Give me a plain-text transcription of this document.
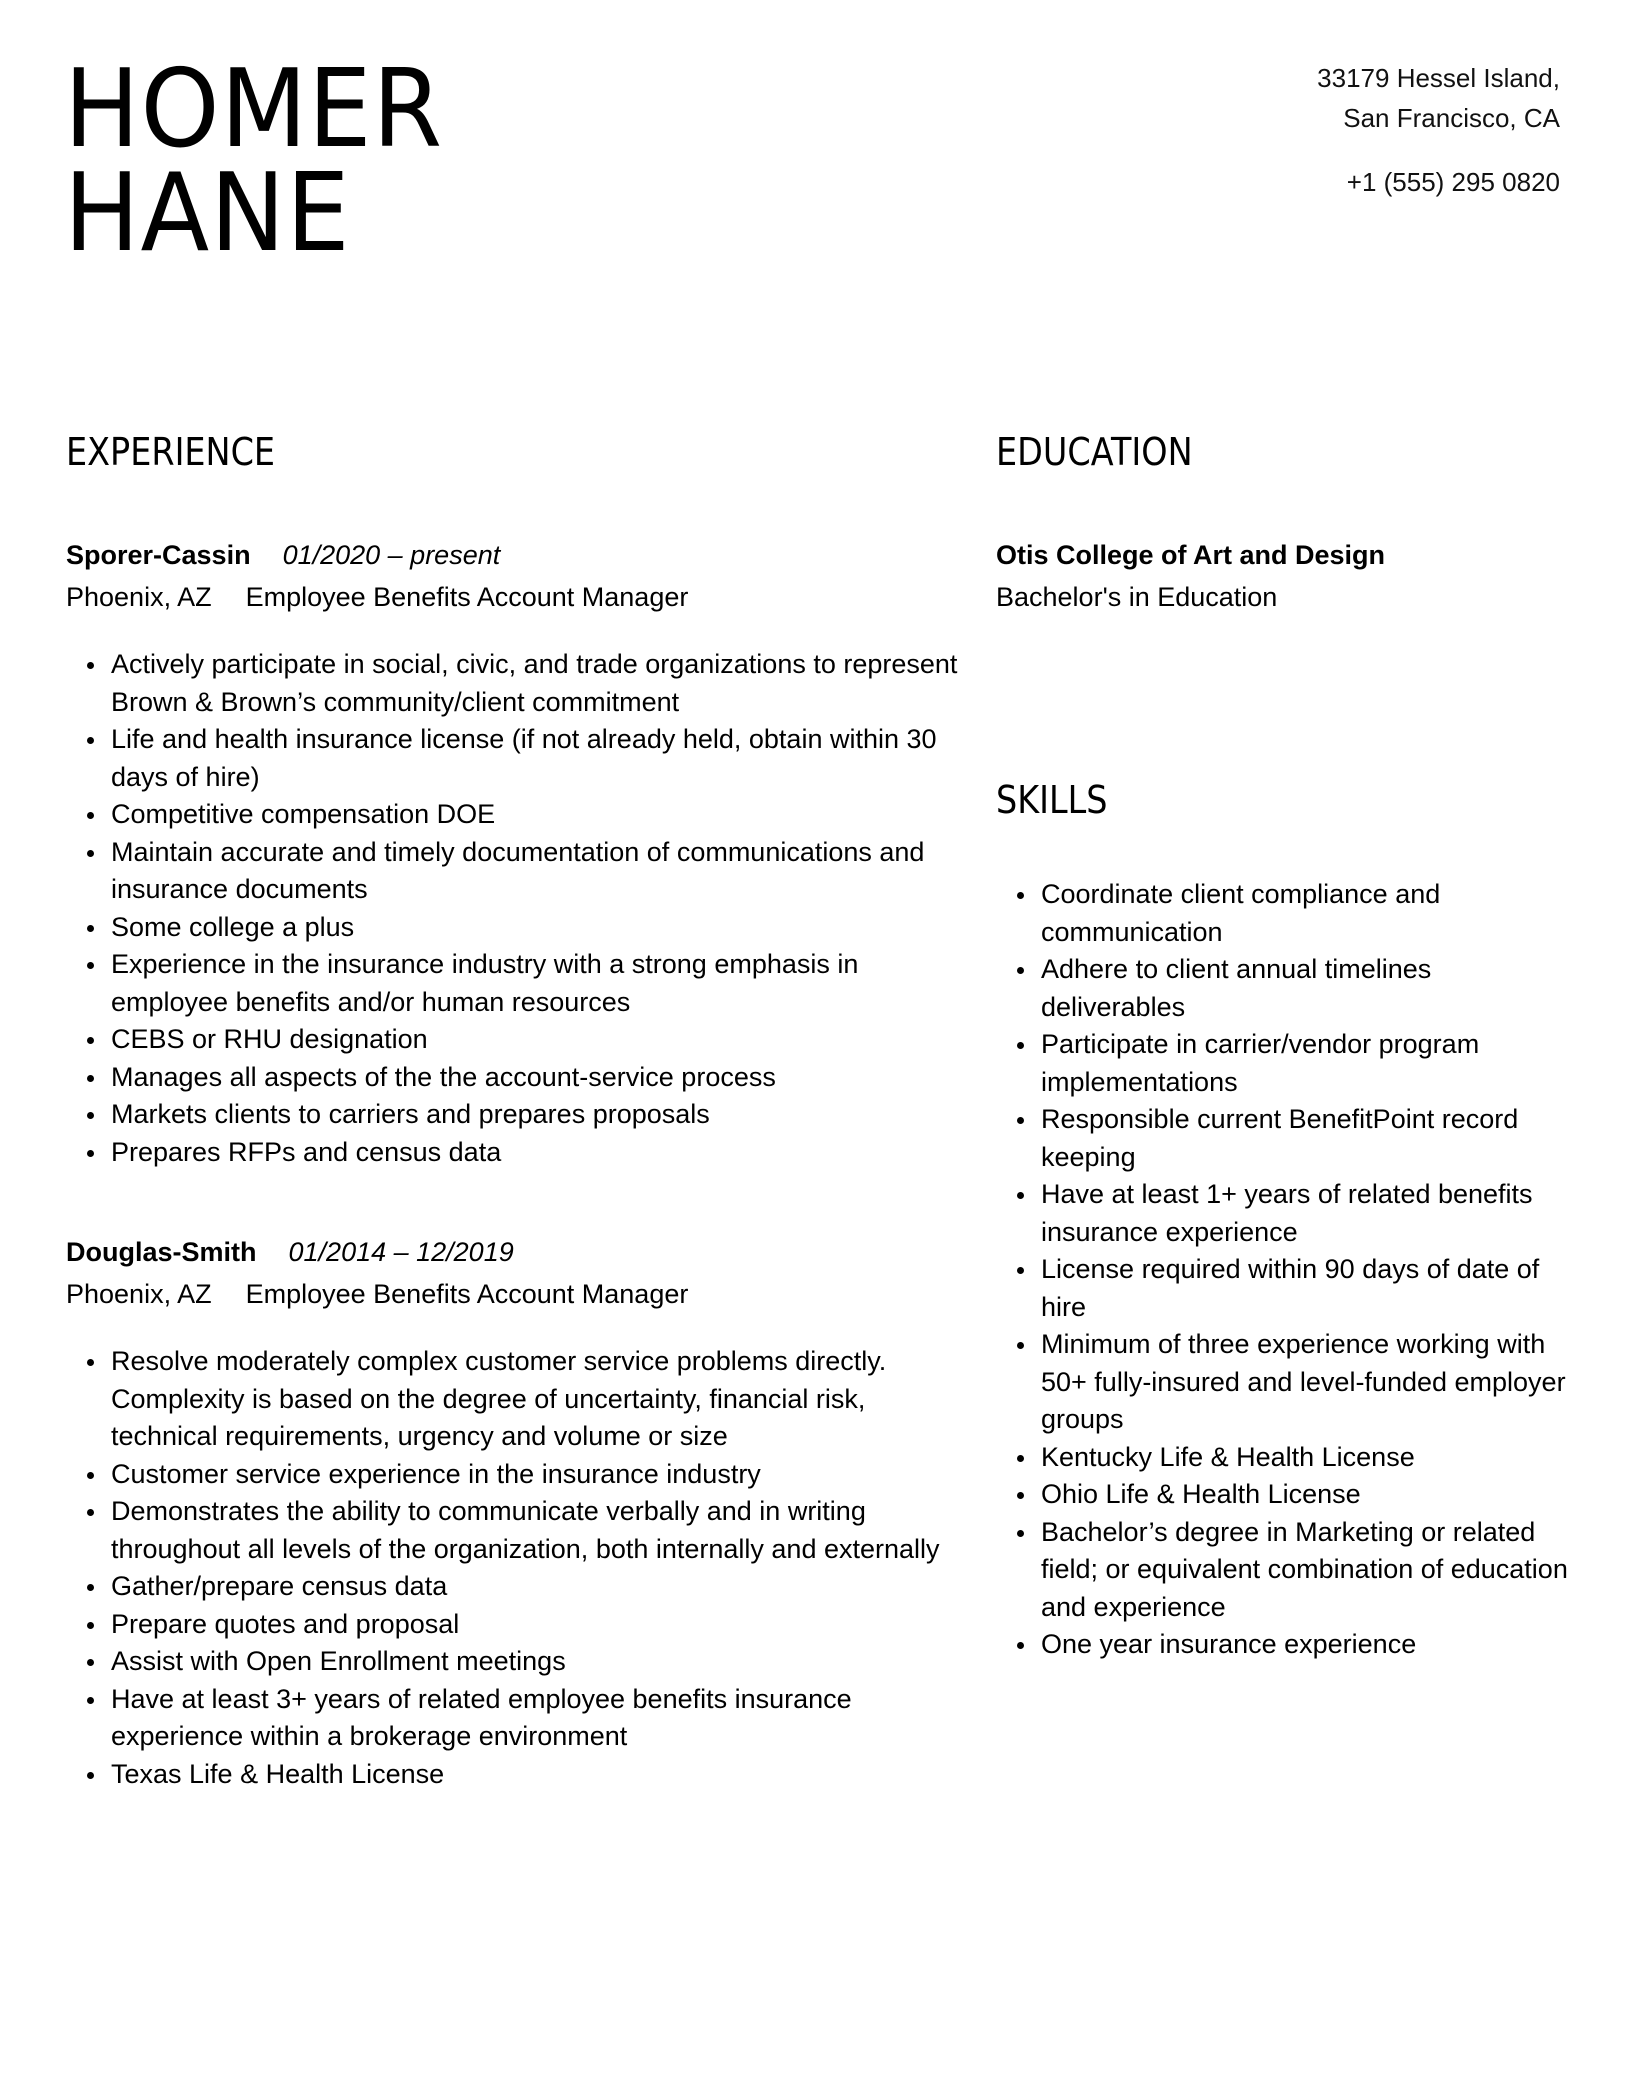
HOMER
HANE
33179 Hessel Island,
San Francisco, CA
+1 (555) 295 0820
EXPERIENCE
Sporer-Cassin 01/2020 – present
Phoenix, AZ Employee Benefits Account Manager
Actively participate in social, civic, and trade organizations to represent Brown & Brown’s community/client commitment
Life and health insurance license (if not already held, obtain within 30 days of hire)
Competitive compensation DOE
Maintain accurate and timely documentation of communications and insurance documents
Some college a plus
Experience in the insurance industry with a strong emphasis in employee benefits and/or human resources
CEBS or RHU designation
Manages all aspects of the the account-service process
Markets clients to carriers and prepares proposals
Prepares RFPs and census data
Douglas-Smith 01/2014 – 12/2019
Phoenix, AZ Employee Benefits Account Manager
Resolve moderately complex customer service problems directly. Complexity is based on the degree of uncertainty, financial risk, technical requirements, urgency and volume or size
Customer service experience in the insurance industry
Demonstrates the ability to communicate verbally and in writing throughout all levels of the organization, both internally and externally
Gather/prepare census data
Prepare quotes and proposal
Assist with Open Enrollment meetings
Have at least 3+ years of related employee benefits insurance experience within a brokerage environment
Texas Life & Health License
EDUCATION
Otis College of Art and Design
Bachelor's in Education
SKILLS
Coordinate client compliance and communication
Adhere to client annual timelines deliverables
Participate in carrier/vendor program implementations
Responsible current BenefitPoint record keeping
Have at least 1+ years of related benefits insurance experience
License required within 90 days of date of hire
Minimum of three experience working with 50+ fully-insured and level-funded employer groups
Kentucky Life & Health License
Ohio Life & Health License
Bachelor’s degree in Marketing or related field; or equivalent combination of education and experience
One year insurance experience
